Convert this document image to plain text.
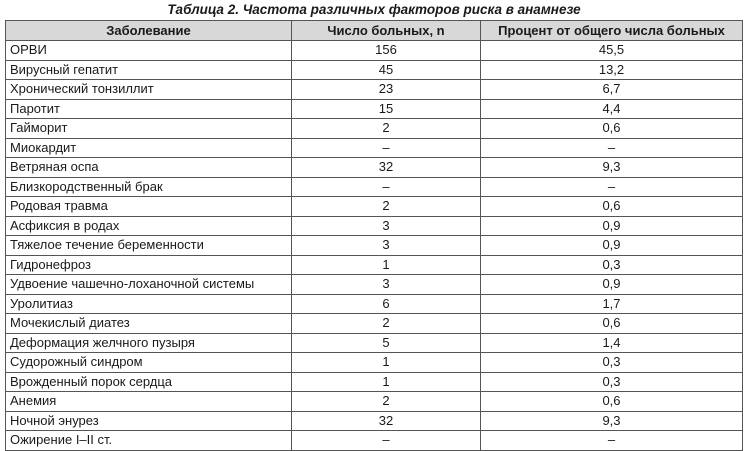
Таблица 2. Частота различных факторов риска в анамнезе
Заболевание	Число больных, n	Процент от общего числа больных
ОРВИ	156	45,5
Вирусный гепатит	45	13,2
Хронический тонзиллит	23	6,7
Паротит	15	4,4
Гайморит	2	0,6
Миокардит	–	–
Ветряная оспа	32	9,3
Близкородственный брак	–	–
Родовая травма	2	0,6
Асфиксия в родах	3	0,9
Тяжелое течение беременности	3	0,9
Гидронефроз	1	0,3
Удвоение чашечно-лоханочной системы	3	0,9
Уролитиаз	6	1,7
Мочекислый диатез	2	0,6
Деформация желчного пузыря	5	1,4
Судорожный синдром	1	0,3
Врожденный порок сердца	1	0,3
Анемия	2	0,6
Ночной энурез	32	9,3
Ожирение I–II ст.	–	–
